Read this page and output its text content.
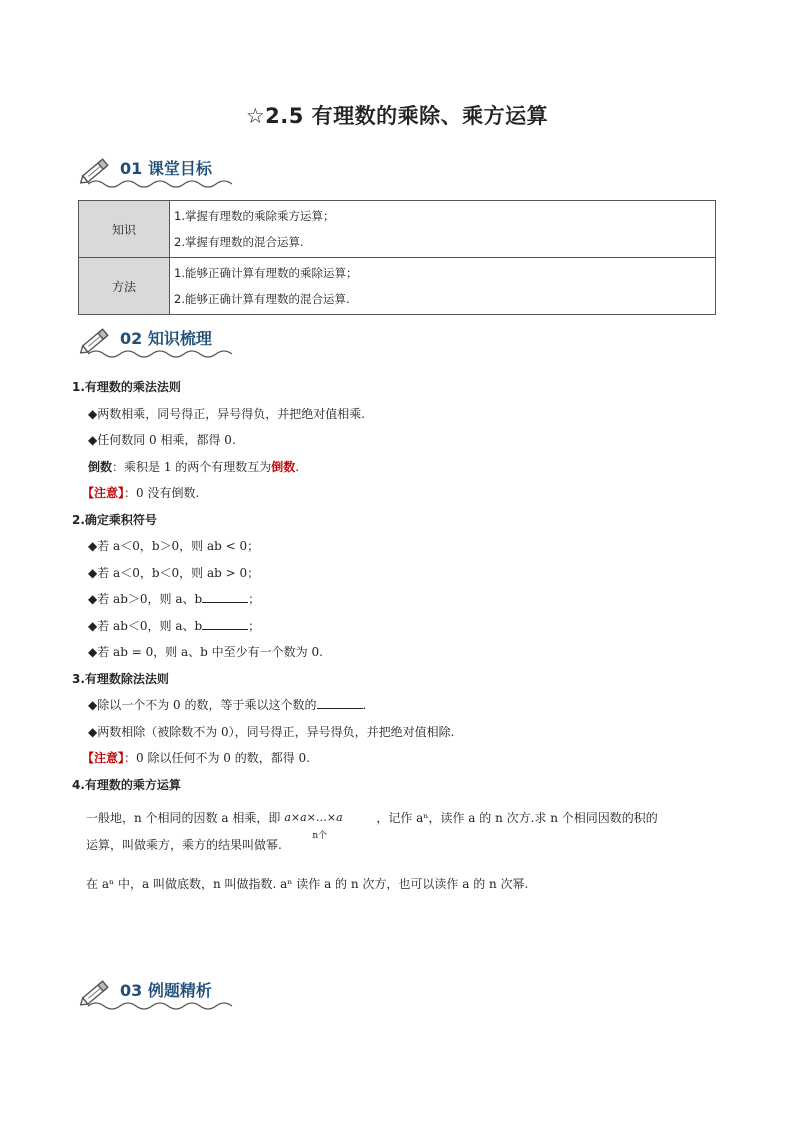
☆2.5 有理数的乘除、乘方运算
01 课堂目标
知识	1.掌握有理数的乘除乘方运算；
2.掌握有理数的混合运算.

方法	1.能够正确计算有理数的乘除运算；
2.能够正确计算有理数的混合运算.
02 知识梳理
1.有理数的乘法法则
◆两数相乘，同号得正，异号得负，并把绝对值相乘.
◆任何数同 0 相乘，都得 0.
倒数：乘积是 1 的两个有理数互为倒数.
【注意】：0 没有倒数.
2.确定乘积符号
◆若 a＜0，b＞0，则 ab < 0；
◆若 a＜0，b＜0，则 ab > 0；
◆若 ab＞0，则 a、b	；
◆若 ab＜0，则 a、b	；
◆若 ab = 0，则 a、b 中至少有一个数为 0.
3.有理数除法法则
◆除以一个不为 0 的数，等于乘以这个数的	.
◆两数相除（被除数不为 0），同号得正，异号得负，并把绝对值相除.
【注意】：0 除以任何不为 0 的数，都得 0.
4.有理数的乘方运算
一般地，n 个相同的因数 a 相乘，即 a×a×…×a
n个
，记作 aⁿ，读作 a 的 n 次方.求 n 个相同因数的积的
运算，叫做乘方，乘方的结果叫做幂.
在 aⁿ 中，a 叫做底数，n 叫做指数. aⁿ 读作 a 的 n 次方，也可以读作 a 的 n 次幂.
03 例题精析
